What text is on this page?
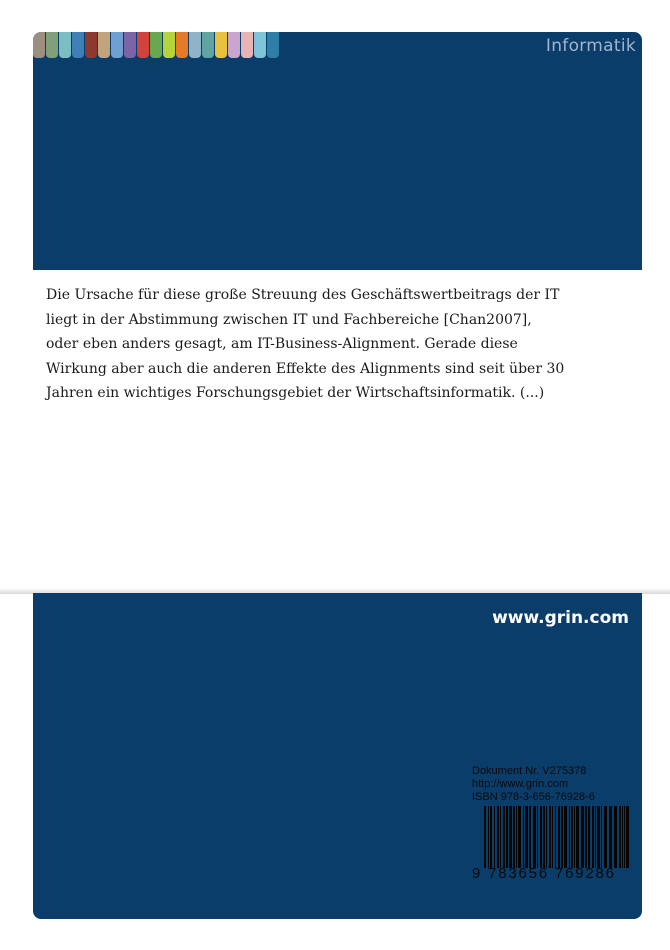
Informatik

Die Ursache für diese große Streuung des Geschäftswertbeitrags der IT liegt in der Abstimmung zwischen IT und Fachbereiche [Chan2007], oder eben anders gesagt, am IT-Business-Alignment. Gerade diese Wirkung aber auch die anderen Effekte des Alignments sind seit über 30 Jahren ein wichtiges Forschungsgebiet der Wirtschaftsinformatik. (...)

www.grin.com
Dokument Nr. V275378
http://www.grin.com
ISBN 978-3-656-76928-6
9 783656 769286
